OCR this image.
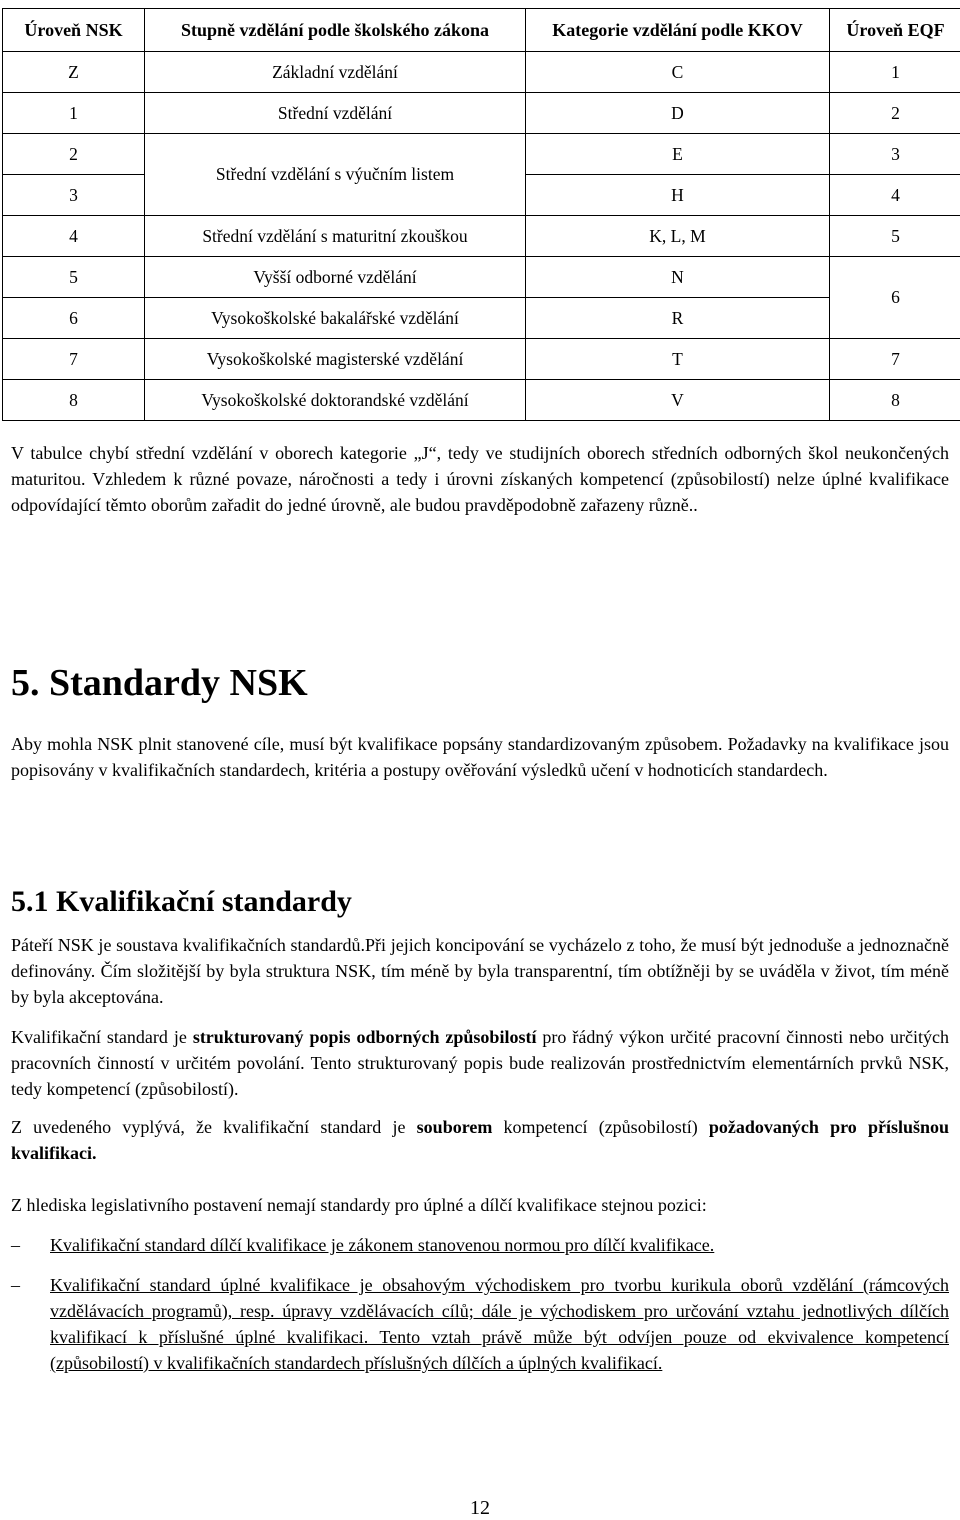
Úroveň NSK	Stupně vzdělání podle školského zákona	Kategorie vzdělání podle KKOV	Úroveň EQF
Z	Základní vzdělání	C	1
1	Střední vzdělání	D	2
2	Střední vzdělání s výučním listem	E	3
3		H	4
4	Střední vzdělání s maturitní zkouškou	K, L, M	5
5	Vyšší odborné vzdělání	N	6
6	Vysokoškolské bakalářské vzdělání	R	
7	Vysokoškolské magisterské vzdělání	T	7
8	Vysokoškolské doktorandské vzdělání	V	8

V tabulce chybí střední vzdělání v oborech kategorie „J“, tedy ve studijních oborech středních odborných škol neukončených maturitou. Vzhledem k různé povaze, náročnosti a tedy i úrovni získaných kompetencí (způsobilostí) nelze úplné kvalifikace odpovídající těmto oborům zařadit do jedné úrovně, ale budou pravděpodobně zařazeny různě..

5. Standardy NSK

Aby mohla NSK plnit stanovené cíle, musí být kvalifikace popsány standardizovaným způsobem. Požadavky na kvalifikace jsou popisovány v kvalifikačních standardech, kritéria a postupy ověřování výsledků učení v hodnoticích standardech.

5.1 Kvalifikační standardy

Páteří NSK je soustava kvalifikačních standardů.Při jejich koncipování se vycházelo z toho, že musí být jednoduše a jednoznačně definovány. Čím složitější by byla struktura NSK, tím méně by byla transparentní, tím obtížněji by se uváděla v život, tím méně by byla akceptována.

Kvalifikační standard je strukturovaný popis odborných způsobilostí pro řádný výkon určité pracovní činnosti nebo určitých pracovních činností v určitém povolání. Tento strukturovaný popis bude realizován prostřednictvím elementárních prvků NSK, tedy kompetencí (způsobilostí).

Z uvedeného vyplývá, že kvalifikační standard je souborem kompetencí (způsobilostí) požadovaných pro příslušnou kvalifikaci.

Z hlediska legislativního postavení nemají standardy pro úplné a dílčí kvalifikace stejnou pozici:

–	Kvalifikační standard dílčí kvalifikace je zákonem stanovenou normou pro dílčí kvalifikace.
–	Kvalifikační standard úplné kvalifikace je obsahovým východiskem pro tvorbu kurikula oborů vzdělání (rámcových vzdělávacích programů), resp. úpravy vzdělávacích cílů; dále je východiskem pro určování vztahu jednotlivých dílčích kvalifikací k příslušné úplné kvalifikaci. Tento vztah právě může být odvíjen pouze od ekvivalence kompetencí (způsobilostí) v kvalifikačních standardech příslušných dílčích a úplných kvalifikací.
12
